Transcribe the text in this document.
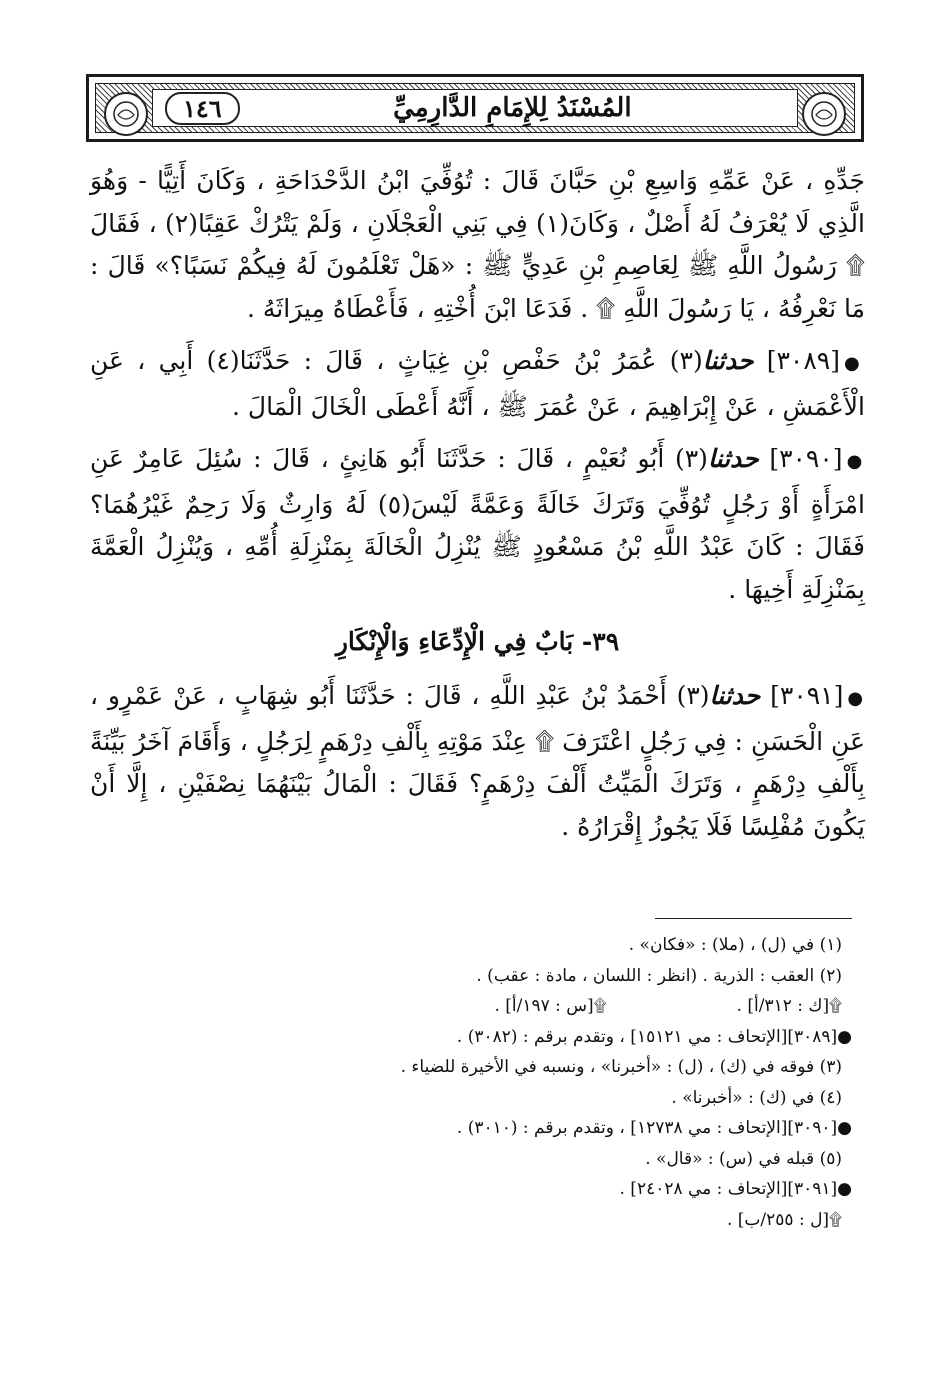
١٤٦	المُسْنَدُ لِلإِمَامِ الدَّارِمِيِّ

جَدِّهِ ، عَنْ عَمِّهِ وَاسِعِ بْنِ حَبَّانَ قَالَ : تُوُفِّيَ ابْنُ الدَّحْدَاحَةِ ، وَكَانَ أَتِيًّا - وَهُوَ الَّذِي لَا يُعْرَفُ لَهُ أَصْلٌ ، وَكَانَ(١) فِي بَنِي الْعَجْلَانِ ، وَلَمْ يَتْرُكْ عَقِبًا(٢) ، فَقَالَ ۩ رَسُولُ اللَّهِ ﷺ لِعَاصِمِ بْنِ عَدِيٍّ ﷺ : «هَلْ تَعْلَمُونَ لَهُ فِيكُمْ نَسَبًا؟» قَالَ : مَا نَعْرِفُهُ ، يَا رَسُولَ اللَّهِ ۩ . فَدَعَا ابْنَ أُخْتِهِ ، فَأَعْطَاهُ مِيرَاثَهُ .

●[٣٠٨٩] حدثنا(٣) عُمَرُ بْنُ حَفْصِ بْنِ غِيَاثٍ ، قَالَ : حَدَّثَنَا(٤) أَبِي ، عَنِ الْأَعْمَشِ ، عَنْ إِبْرَاهِيمَ ، عَنْ عُمَرَ ﷺ ، أَنَّهُ أَعْطَى الْخَالَ الْمَالَ .

●[٣٠٩٠] حدثنا(٣) أَبُو نُعَيْمٍ ، قَالَ : حَدَّثَنَا أَبُو هَانِئٍ ، قَالَ : سُئِلَ عَامِرٌ عَنِ امْرَأَةٍ أَوْ رَجُلٍ تُوُفِّيَ وَتَرَكَ خَالَةً وَعَمَّةً لَيْسَ(٥) لَهُ وَارِثٌ وَلَا رَحِمٌ غَيْرُهُمَا؟ فَقَالَ : كَانَ عَبْدُ اللَّهِ بْنُ مَسْعُودٍ ﷺ يُنْزِلُ الْخَالَةَ بِمَنْزِلَةِ أُمِّهِ ، وَيُنْزِلُ الْعَمَّةَ بِمَنْزِلَةِ أَخِيهَا .

٣٩- بَابٌ فِي الْإِدِّعَاءِ وَالْإِنْكَارِ

●[٣٠٩١] حدثنا(٣) أَحْمَدُ بْنُ عَبْدِ اللَّهِ ، قَالَ : حَدَّثَنَا أَبُو شِهَابٍ ، عَنْ عَمْرٍو ، عَنِ الْحَسَنِ : فِي رَجُلٍ اعْتَرَفَ ۩ عِنْدَ مَوْتِهِ بِأَلْفِ دِرْهَمٍ لِرَجُلٍ ، وَأَقَامَ آخَرُ بَيِّنَةً بِأَلْفِ دِرْهَمٍ ، وَتَرَكَ الْمَيِّتُ أَلْفَ دِرْهَمٍ؟ فَقَالَ : الْمَالُ بَيْنَهُمَا نِصْفَيْنِ ، إِلَّا أَنْ يَكُونَ مُفْلِسًا فَلَا يَجُوزُ إِقْرَارُهُ .

(١) في (ل) ، (ملا) : «فكان» .
(٢) العقب : الذرية . (انظر : اللسان ، مادة : عقب) .
۩[ك : ٣١٢/أ] .
۩[س : ١٩٧/أ] .
●[٣٠٨٩][الإتحاف : مي ١٥١٢١] ، وتقدم برقم : (٣٠٨٢) .
(٣) فوقه في (ك) ، (ل) : «أخبرنا» ، ونسبه في الأخيرة للضياء .
(٤) في (ك) : «أخبرنا» .
●[٣٠٩٠][الإتحاف : مي ١٢٧٣٨] ، وتقدم برقم : (٣٠١٠) .
(٥) قبله في (س) : «قال» .
●[٣٠٩١][الإتحاف : مي ٢٤٠٢٨] .
۩[ل : ٢٥٥/ب] .
